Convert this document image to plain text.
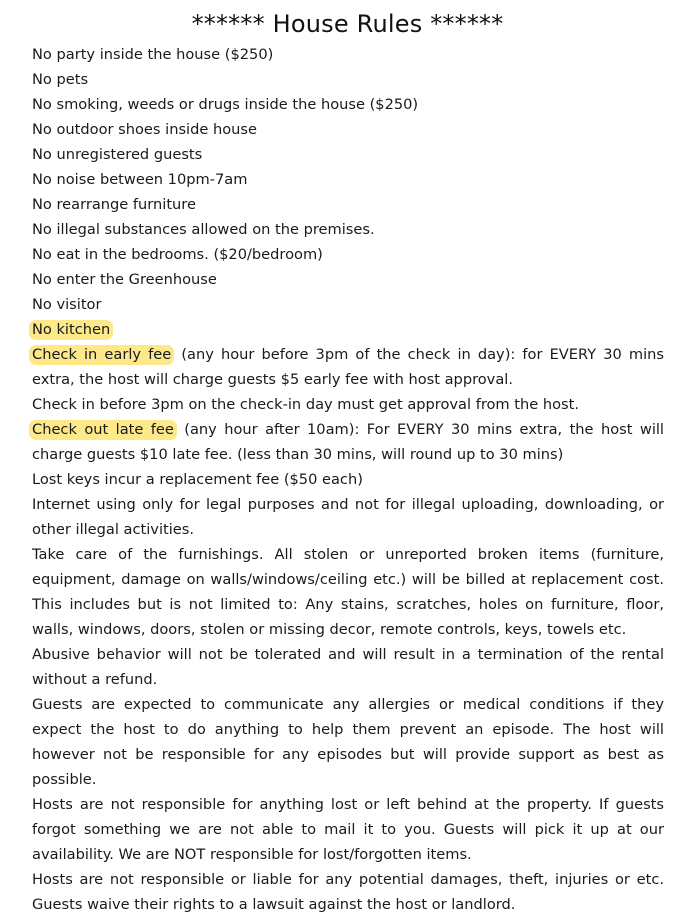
****** House Rules ******

No party inside the house ($250)

No pets

No smoking, weeds or drugs inside the house ($250)

No outdoor shoes inside house

No unregistered guests

No noise between 10pm-7am

No rearrange furniture

No illegal substances allowed on the premises.

No eat in the bedrooms. ($20/bedroom)

No enter the Greenhouse

No visitor

No kitchen

Check in early fee (any hour before 3pm of the check in day): for EVERY 30 mins extra, the host will charge guests $5 early fee with host approval.

Check in before 3pm on the check-in day must get approval from the host.

Check out late fee (any hour after 10am): For EVERY 30 mins extra, the host will charge guests $10 late fee. (less than 30 mins, will round up to 30 mins)

Lost keys incur a replacement fee ($50 each)

Internet using only for legal purposes and not for illegal uploading, downloading, or other illegal activities.

Take care of the furnishings. All stolen or unreported broken items (furniture, equipment, damage on walls/windows/ceiling etc.) will be billed at replacement cost. This includes but is not limited to: Any stains, scratches, holes on furniture, floor, walls, windows, doors, stolen or missing decor, remote controls, keys, towels etc.

Abusive behavior will not be tolerated and will result in a termination of the rental without a refund.

Guests are expected to communicate any allergies or medical conditions if they expect the host to do anything to help them prevent an episode. The host will however not be responsible for any episodes but will provide support as best as possible.

Hosts are not responsible for anything lost or left behind at the property. If guests forgot something we are not able to mail it to you. Guests will pick it up at our availability. We are NOT responsible for lost/forgotten items.

Hosts are not responsible or liable for any potential damages, theft, injuries or etc. Guests waive their rights to a lawsuit against the host or landlord.
